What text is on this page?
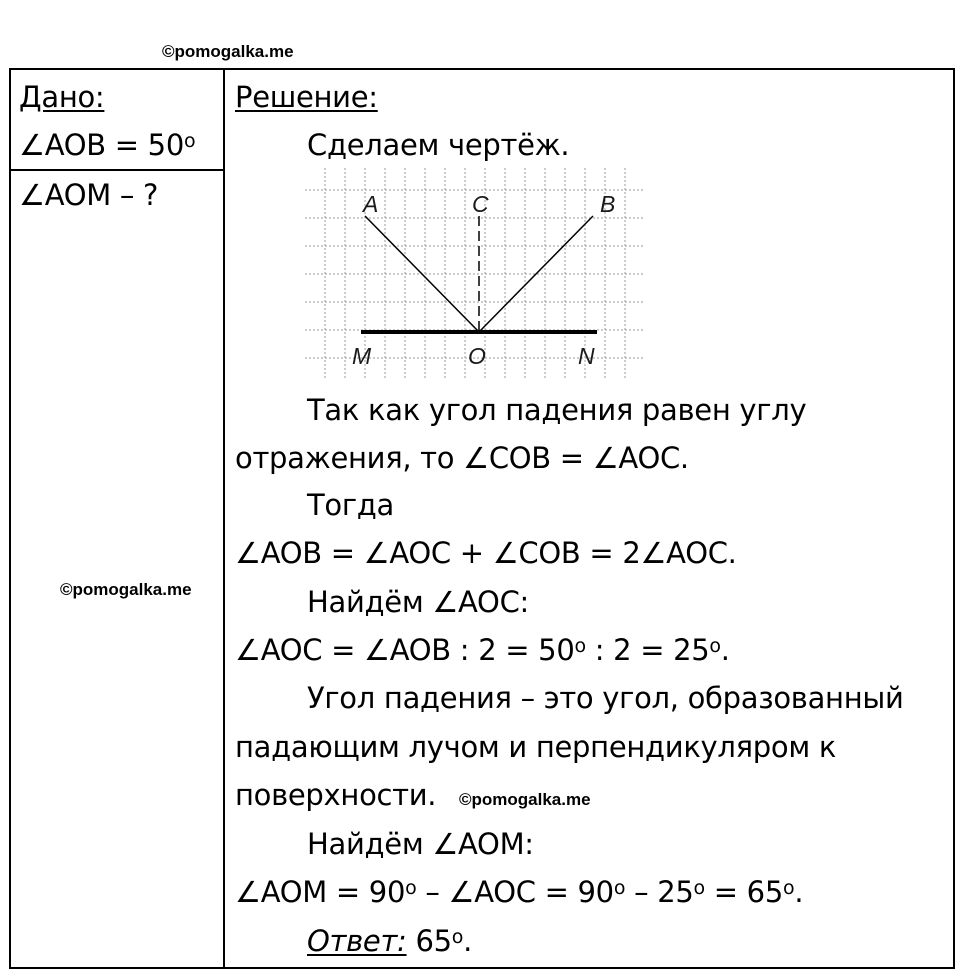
©pomogalka.me
©pomogalka.me
©pomogalka.me
Дано:
∠AOB = $50^o$
∠AOM – ?
Решение:
Сделаем чертёж.
A	C	B
M	O	N
Так как угол падения равен углу
отражения, то ∠COB = ∠AOC.
Тогда
∠AOB = ∠AOC + ∠COB = 2∠AOC.
Найдём ∠AOC:
∠AOC = ∠AOB : $2 = 50^o$ : $2 = 25^o$.
Угол падения – это угол, образованный
падающим лучом и перпендикуляром к
поверхности.
Найдём ∠AOM:
∠AOM = $90^o$ – ∠AOC = $90^o - 25^o = 65^o$.
Ответ: 65$^o$.
